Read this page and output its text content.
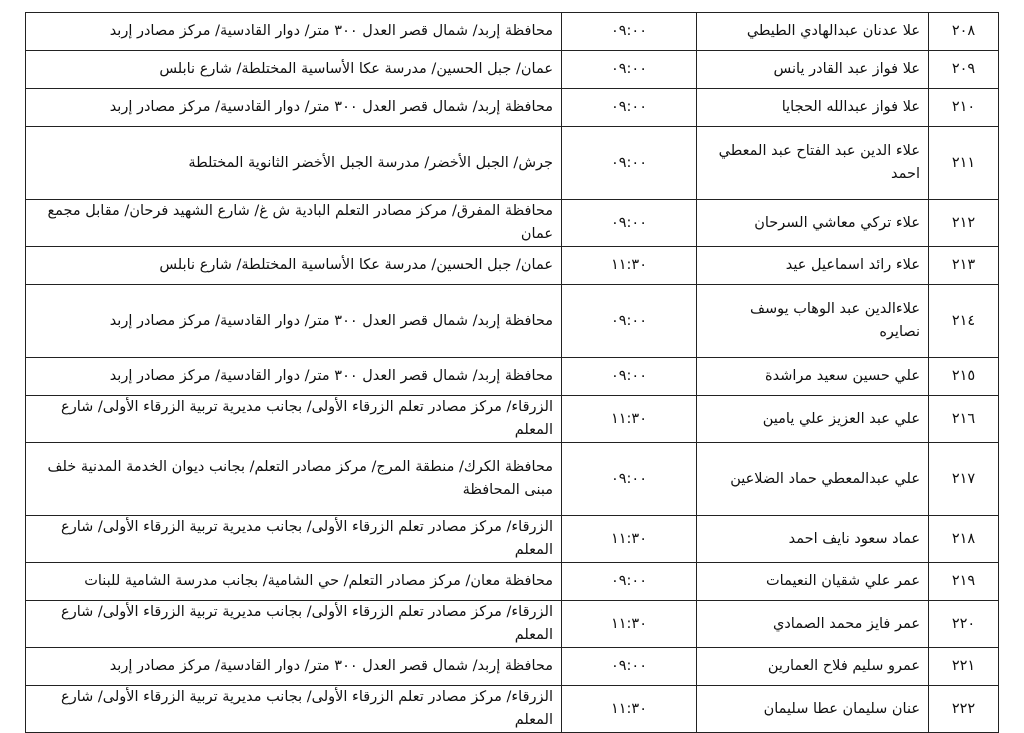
٢٠٨	علا عدنان عبدالهادي الطيطي	٠٩:٠٠	محافظة إربد/ شمال قصر العدل ٣٠٠ متر/ دوار القادسية/ مركز مصادر إربد
٢٠٩	علا فواز عبد القادر يانس	٠٩:٠٠	عمان/ جبل الحسين/ مدرسة عكا الأساسية المختلطة/ شارع نابلس
٢١٠	علا فواز عبدالله الحجايا	٠٩:٠٠	محافظة إربد/ شمال قصر العدل ٣٠٠ متر/ دوار القادسية/ مركز مصادر إربد
٢١١	علاء الدين عبد الفتاح عبد المعطي احمد	٠٩:٠٠	جرش/ الجبل الأخضر/ مدرسة الجبل الأخضر الثانوية المختلطة
٢١٢	علاء تركي معاشي السرحان	٠٩:٠٠	محافظة المفرق/ مركز مصادر التعلم البادية ش غ/ شارع الشهيد فرحان/ مقابل مجمع عمان
٢١٣	علاء رائد اسماعيل عيد	١١:٣٠	عمان/ جبل الحسين/ مدرسة عكا الأساسية المختلطة/ شارع نابلس
٢١٤	علاءالدين عبد الوهاب يوسف نصايره	٠٩:٠٠	محافظة إربد/ شمال قصر العدل ٣٠٠ متر/ دوار القادسية/ مركز مصادر إربد
٢١٥	علي حسين سعيد مراشدة	٠٩:٠٠	محافظة إربد/ شمال قصر العدل ٣٠٠ متر/ دوار القادسية/ مركز مصادر إربد
٢١٦	علي عبد العزيز علي يامين	١١:٣٠	الزرقاء/ مركز مصادر تعلم الزرقاء الأولى/ بجانب مديرية تربية الزرقاء الأولى/ شارع المعلم
٢١٧	علي عبدالمعطي حماد الضلاعين	٠٩:٠٠	محافظة الكرك/ منطقة المرج/ مركز مصادر التعلم/ بجانب ديوان الخدمة المدنية خلف مبنى المحافظة
٢١٨	عماد سعود نايف احمد	١١:٣٠	الزرقاء/ مركز مصادر تعلم الزرقاء الأولى/ بجانب مديرية تربية الزرقاء الأولى/ شارع المعلم
٢١٩	عمر علي شقيان النعيمات	٠٩:٠٠	محافظة معان/ مركز مصادر التعلم/ حي الشامية/ بجانب مدرسة الشامية للبنات
٢٢٠	عمر فايز محمد الصمادي	١١:٣٠	الزرقاء/ مركز مصادر تعلم الزرقاء الأولى/ بجانب مديرية تربية الزرقاء الأولى/ شارع المعلم
٢٢١	عمرو سليم فلاح العمارين	٠٩:٠٠	محافظة إربد/ شمال قصر العدل ٣٠٠ متر/ دوار القادسية/ مركز مصادر إربد
٢٢٢	عنان سليمان عطا سليمان	١١:٣٠	الزرقاء/ مركز مصادر تعلم الزرقاء الأولى/ بجانب مديرية تربية الزرقاء الأولى/ شارع المعلم
